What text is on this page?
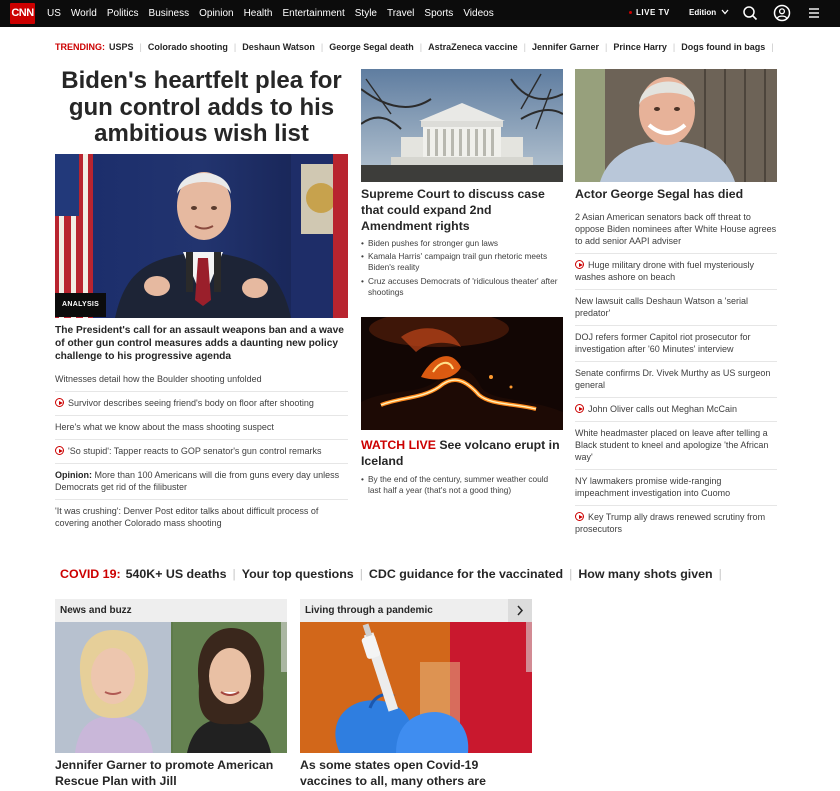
CNN US World Politics Business Opinion Health Entertainment Style Travel Sports Videos	LIVE TV Edition
TRENDING: USPS | Colorado shooting | Deshaun Watson | George Segal death | AstraZeneca vaccine | Jennifer Garner | Prince Harry | Dogs found in bags |
Biden's heartfelt plea for gun control adds to his ambitious wish list
ANALYSIS

The President's call for an assault weapons ban and a wave of other gun control measures adds a daunting new policy challenge to his progressive agenda

Witnesses detail how the Boulder shooting unfolded
Survivor describes seeing friend's body on floor after shooting
Here's what we know about the mass shooting suspect
'So stupid': Tapper reacts to GOP senator's gun control remarks
Opinion: More than 100 Americans will die from guns every day unless Democrats get rid of the filibuster
'It was crushing': Denver Post editor talks about difficult process of covering another Colorado mass shooting
Supreme Court to discuss case that could expand 2nd Amendment rights
• Biden pushes for stronger gun laws
• Kamala Harris' campaign trail gun rhetoric meets Biden's reality
• Cruz accuses Democrats of 'ridiculous theater' after shootings
WATCH LIVE See volcano erupt in Iceland
• By the end of the century, summer weather could last half a year (that's not a good thing)
Actor George Segal has died
2 Asian American senators back off threat to oppose Biden nominees after White House agrees to add senior AAPI adviser
Huge military drone with fuel mysteriously washes ashore on beach
New lawsuit calls Deshaun Watson a 'serial predator'
DOJ refers former Capitol riot prosecutor for investigation after '60 Minutes' interview
Senate confirms Dr. Vivek Murthy as US surgeon general
John Oliver calls out Meghan McCain
White headmaster placed on leave after telling a Black student to kneel and apologize 'the African way'
NY lawmakers promise wide-ranging impeachment investigation into Cuomo
Key Trump ally draws renewed scrutiny from prosecutors
COVID 19: 540K+ US deaths | Your top questions | CDC guidance for the vaccinated | How many shots given |
News and buzz
Jennifer Garner to promote American Rescue Plan with Jill
Living through a pandemic
As some states open Covid-19 vaccines to all, many others are
